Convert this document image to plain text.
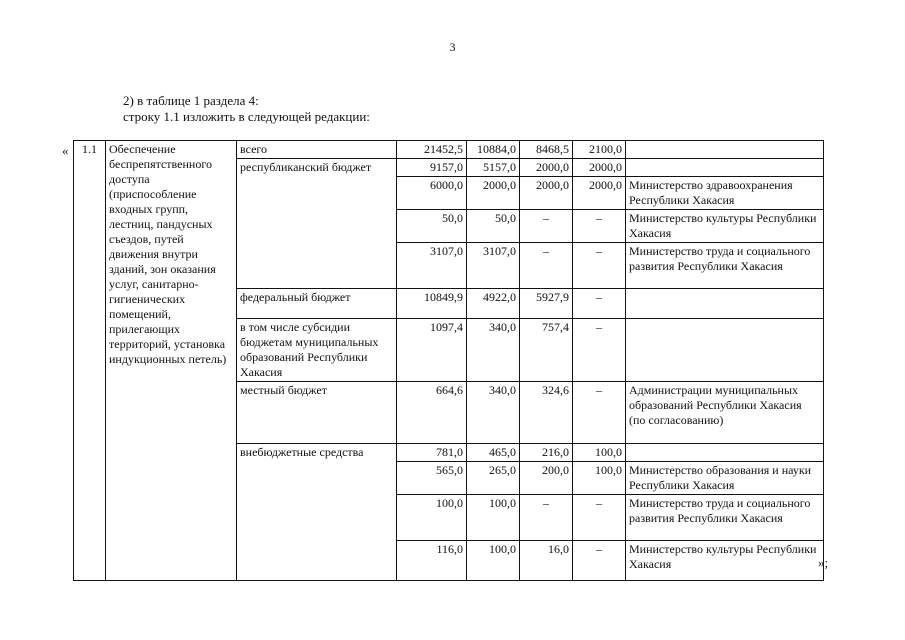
3
2) в таблице 1 раздела 4:
строку 1.1 изложить в следующей редакции:
«
»;
1.1	Обеспечение беспрепятственного доступа (приспособление входных групп, лестниц, пандусных съездов, путей движения внутри зданий, зон оказания услуг, санитарно-гигиенических помещений, прилегающих территорий, установка индукционных петель)	всего	21452,5	10884,0	8468,5	2100,0	
		республиканский бюджет	9157,0	5157,0	2000,0	2000,0	
			6000,0	2000,0	2000,0	2000,0	Министерство здравоохранения Республики Хакасия
			50,0	50,0	–	–	Министерство культуры Республики Хакасия
			3107,0	3107,0	–	–	Министерство труда и социального развития Республики Хакасия
		федеральный бюджет	10849,9	4922,0	5927,9	–	
		в том числе субсидии бюджетам муниципальных образований Республики Хакасия	1097,4	340,0	757,4	–	
		местный бюджет	664,6	340,0	324,6	–	Администрации муниципальных образований Республики Хакасия (по согласованию)
		внебюджетные средства	781,0	465,0	216,0	100,0	
			565,0	265,0	200,0	100,0	Министерство образования и науки Республики Хакасия
			100,0	100,0	–	–	Министерство труда и социального развития Республики Хакасия
			116,0	100,0	16,0	–	Министерство культуры Республики Хакасия
